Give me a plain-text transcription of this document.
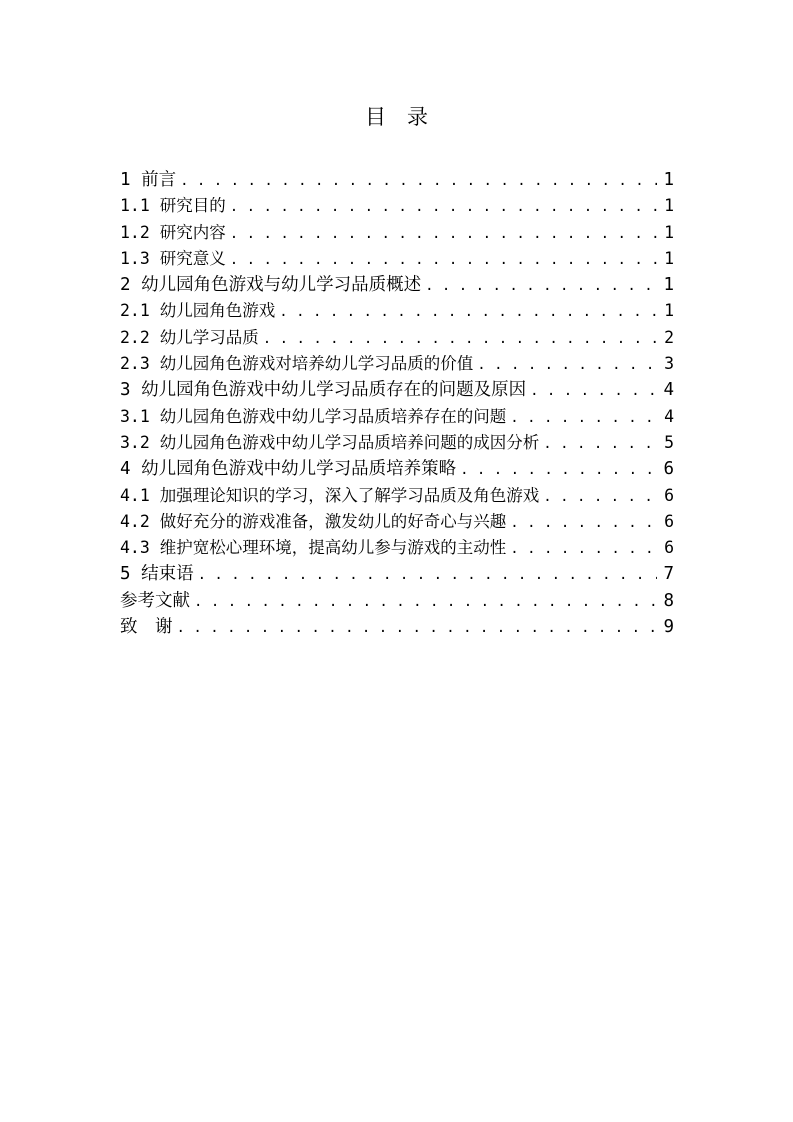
目　录
1 前言 . . .	1
1.1 研究目的 . . .	1
1.2 研究内容 . . .	1
1.3 研究意义 . . .	1
2 幼儿园角色游戏与幼儿学习品质概述 . . .	1
2.1 幼儿园角色游戏 . . .	1
2.2 幼儿学习品质 . . .	2
2.3 幼儿园角色游戏对培养幼儿学习品质的价值 . . .	3
3 幼儿园角色游戏中幼儿学习品质存在的问题及原因 . . .	4
3.1 幼儿园角色游戏中幼儿学习品质培养存在的问题 . . .	4
3.2 幼儿园角色游戏中幼儿学习品质培养问题的成因分析 . . .	5
4 幼儿园角色游戏中幼儿学习品质培养策略 . . .	6
4.1 加强理论知识的学习，深入了解学习品质及角色游戏 . . .	6
4.2 做好充分的游戏准备，激发幼儿的好奇心与兴趣 . . .	6
4.3 维护宽松心理环境，提高幼儿参与游戏的主动性 . . .	6
5 结束语 . . .	7
参考文献 . . .	8
致　谢 . . .	9
